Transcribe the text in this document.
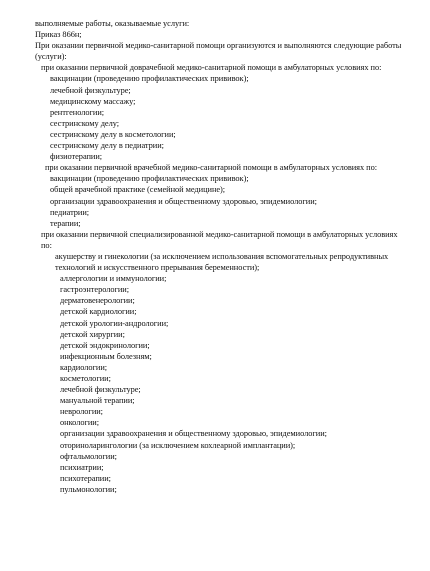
выполняемые работы, оказываемые услуги:
Приказ 866н;
При оказании первичной медико-санитарной помощи организуются и выполняются следующие работы (услуги):
при оказании первичной доврачебной медико-санитарной помощи в амбулаторных условиях по:
вакцинации (проведению профилактических прививок);
лечебной физкультуре;
медицинскому массажу;
рентгенологии;
сестринскому делу;
сестринскому делу в косметологии;
сестринскому делу в педиатрии;
физиотерапии;
при оказании первичной врачебной медико-санитарной помощи в амбулаторных условиях по:
вакцинации (проведению профилактических прививок);
общей врачебной практике (семейной медицине);
организации здравоохранения и общественному здоровью, эпидемиологии;
педиатрии;
терапии;
при оказании первичной специализированной медико-санитарной помощи в амбулаторных условиях по:
акушерству и гинекологии (за исключением использования вспомогательных репродуктивных технологий и искусственного прерывания беременности);
аллергологии и иммунологии;
гастроэнтерологии;
дерматовенерологии;
детской кардиологии;
детской урологии-андрологии;
детской хирургии;
детской эндокринологии;
инфекционным болезням;
кардиологии;
косметологии;
лечебной физкультуре;
мануальной терапии;
неврологии;
онкологии;
организации здравоохранения и общественному здоровью, эпидемиологии;
оториноларингологии (за исключением кохлеарной имплантации);
офтальмологии;
психиатрии;
психотерапии;
пульмонологии;
